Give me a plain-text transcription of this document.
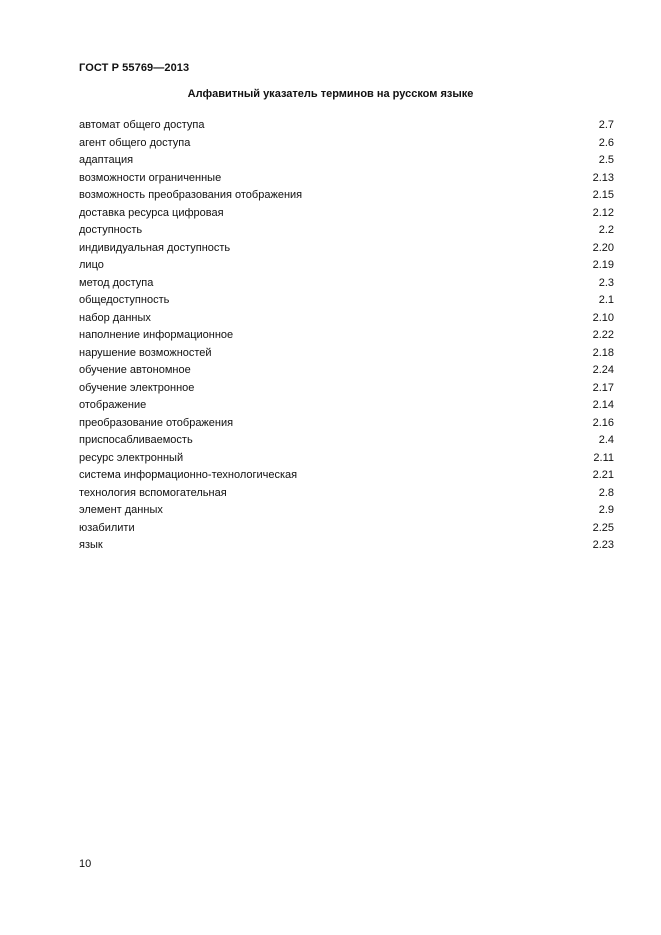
ГОСТ Р 55769—2013
Алфавитный указатель терминов на русском языке
автомат общего доступа	2.7
агент общего доступа	2.6
адаптация	2.5
возможности ограниченные	2.13
возможность преобразования отображения	2.15
доставка ресурса цифровая	2.12
доступность	2.2
индивидуальная доступность	2.20
лицо	2.19
метод доступа	2.3
общедоступность	2.1
набор данных	2.10
наполнение информационное	2.22
нарушение возможностей	2.18
обучение автономное	2.24
обучение электронное	2.17
отображение	2.14
преобразование отображения	2.16
приспосабливаемость	2.4
ресурс электронный	2.11
система информационно-технологическая	2.21
технология вспомогательная	2.8
элемент данных	2.9
юзабилити	2.25
язык	2.23
10
